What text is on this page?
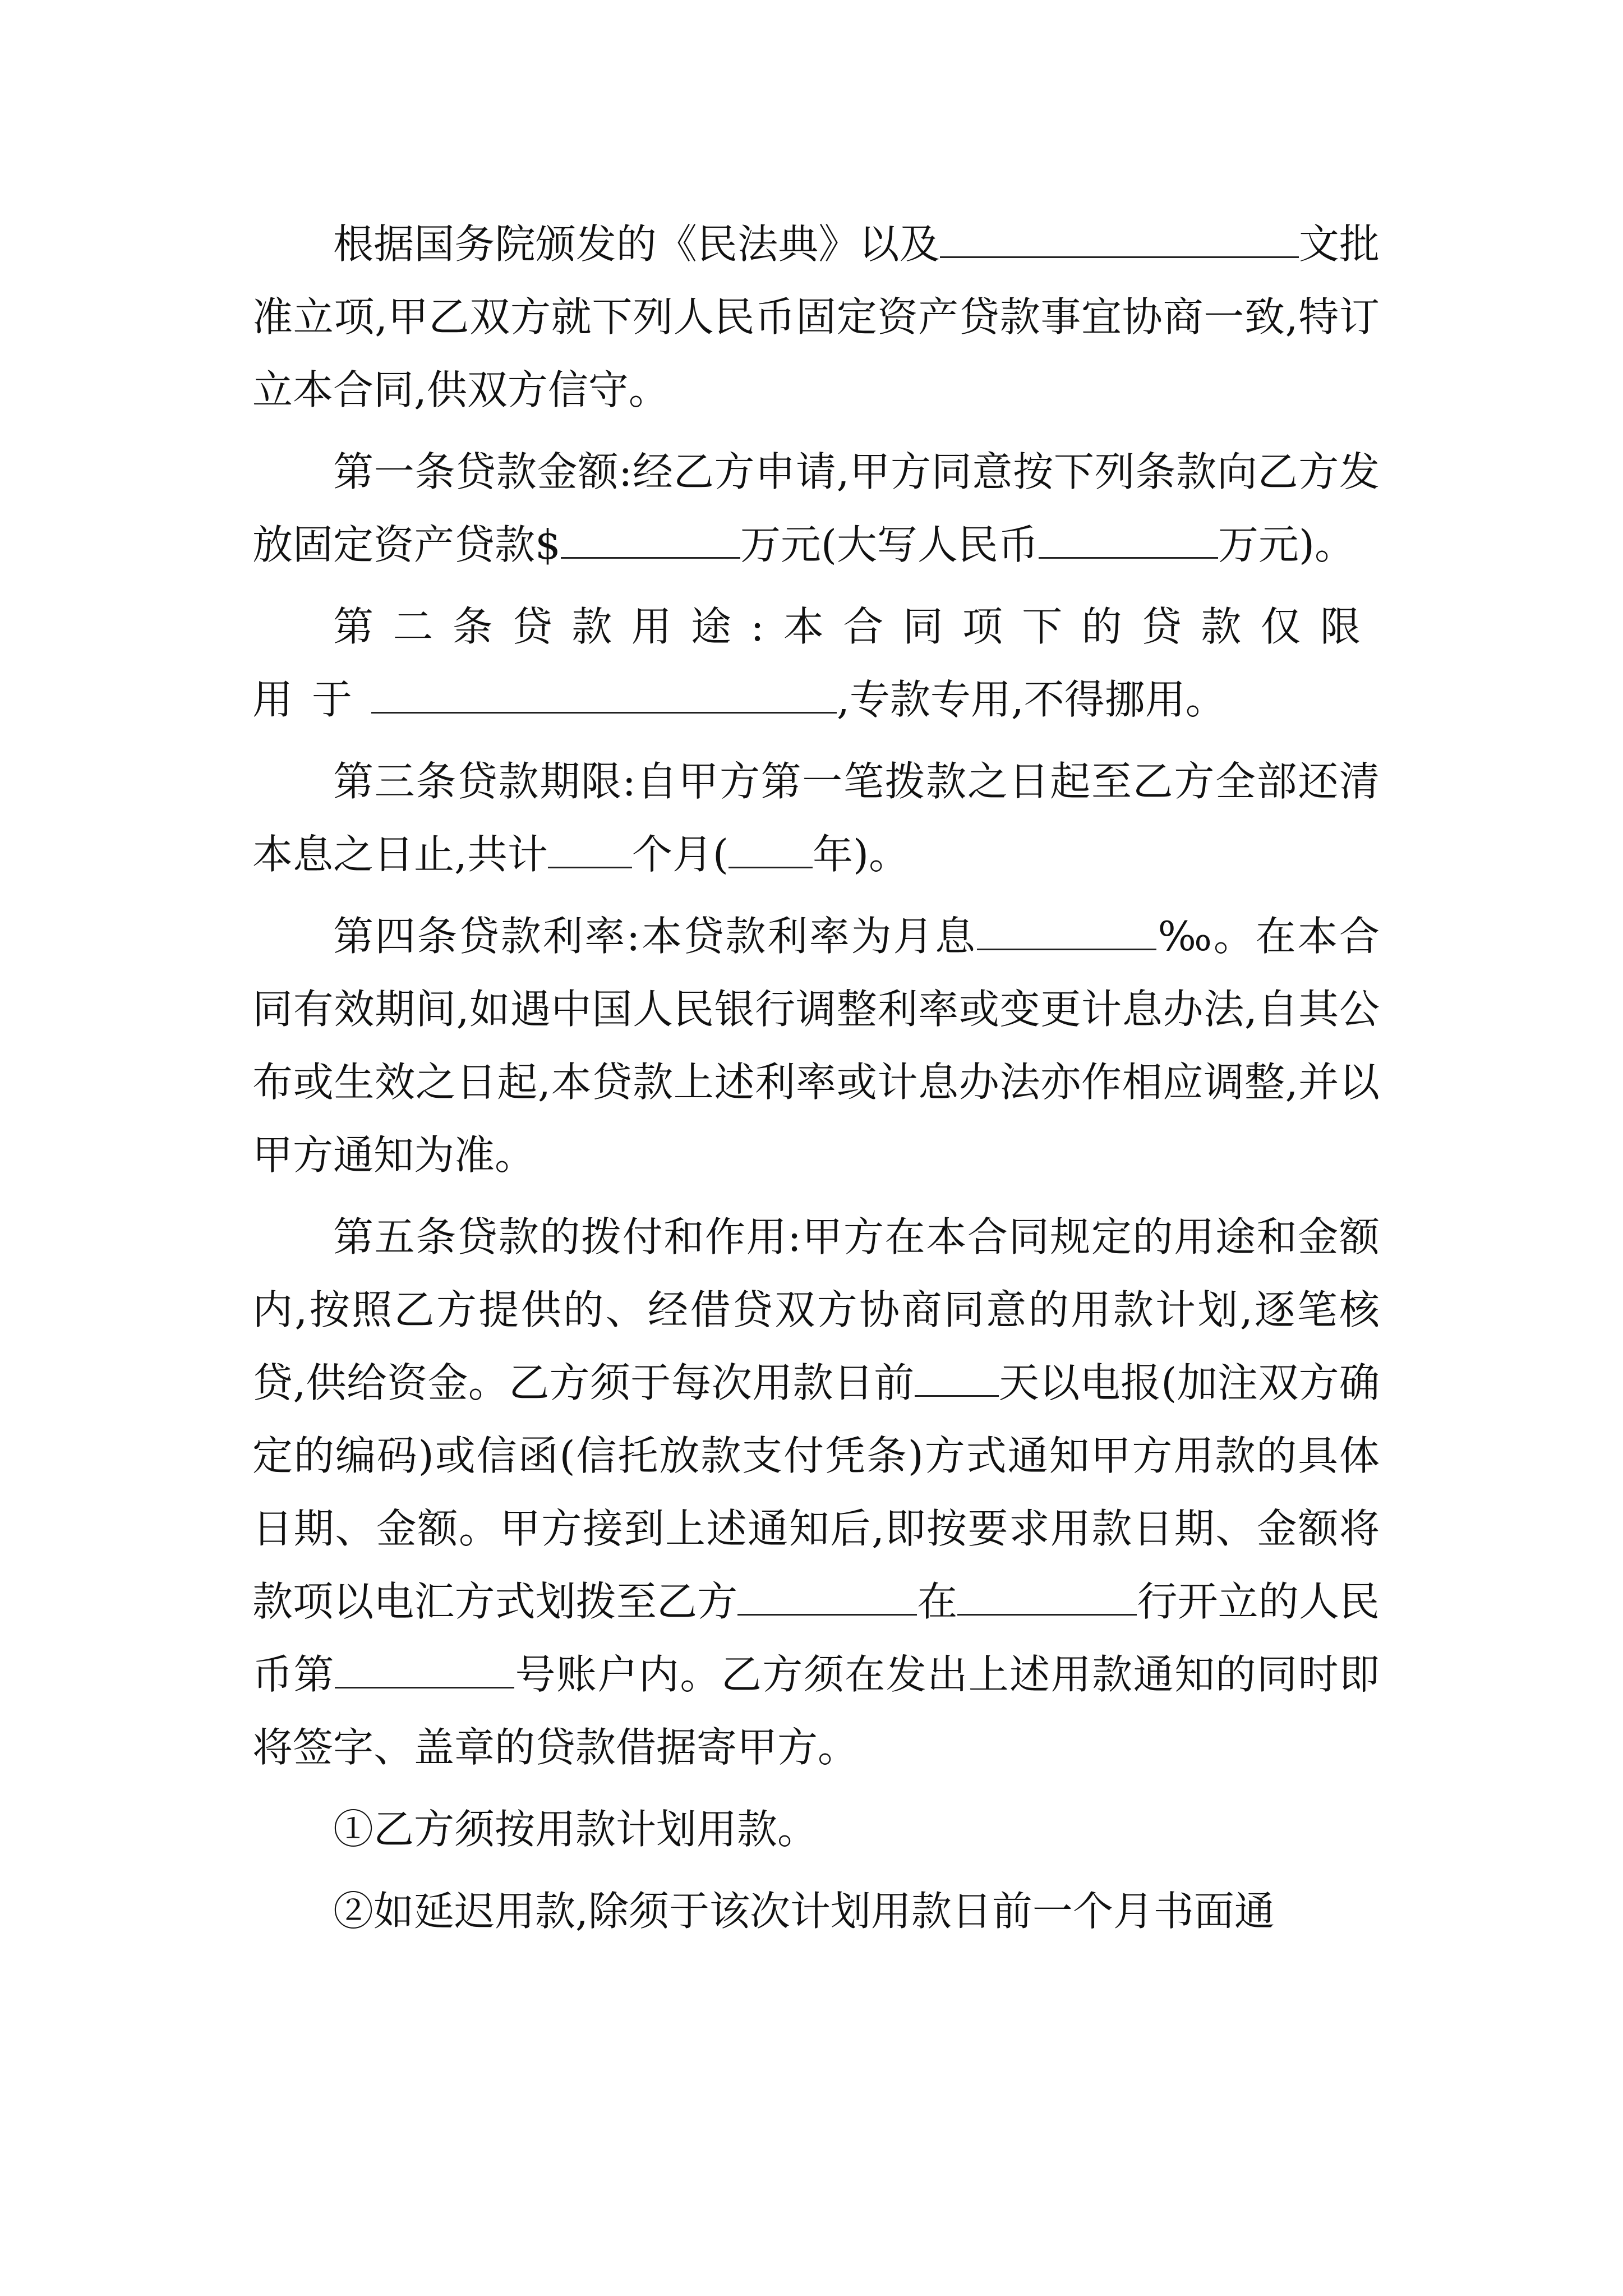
根据国务院颁发的《民法典》以及	文批准立项,甲乙双方就下列人民币固定资产贷款事宜协商一致,特订立本合同,供双方信守。

第一条贷款金额:经乙方申请,甲方同意按下列条款向乙方发放固定资产贷款$	万元(大写人民币	万元)。

第二条贷款用途:本合同项下的贷款仅限用于	,专款专用,不得挪用。

第三条贷款期限:自甲方第一笔拨款之日起至乙方全部还清本息之日止,共计 个月( 年)。

第四条贷款利率:本贷款利率为月息	‰。在本合同有效期间,如遇中国人民银行调整利率或变更计息办法,自其公布或生效之日起,本贷款上述利率或计息办法亦作相应调整,并以甲方通知为准。

第五条贷款的拨付和作用:甲方在本合同规定的用途和金额内,按照乙方提供的、经借贷双方协商同意的用款计划,逐笔核贷,供给资金。乙方须于每次用款日前 天以电报(加注双方确定的编码)或信函(信托放款支付凭条)方式通知甲方用款的具体日期、金额。甲方接到上述通知后,即按要求用款日期、金额将款项以电汇方式划拨至乙方	在	行开立的人民币第	号账户内。乙方须在发出上述用款通知的同时即将签字、盖章的贷款借据寄甲方。

①乙方须按用款计划用款。

②如延迟用款,除须于该次计划用款日前一个月书面通
